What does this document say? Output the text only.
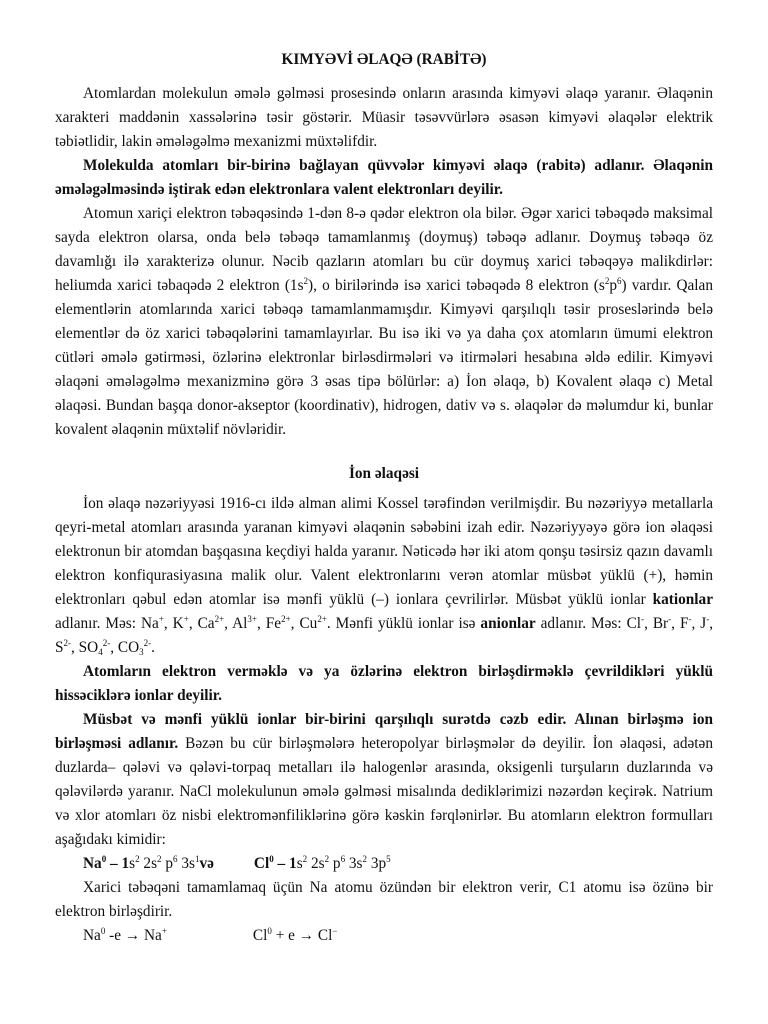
KIMYƏVİ ƏLAQƏ (RABİTƏ)

Atomlardan molekulun əmələ gəlməsi prosesində onların arasında kimyəvi əlaqə yaranır. Əlaqənin xarakteri maddənin xassələrinə təsir göstərir. Müasir təsəvvürlərə əsasən kimyəvi əlaqələr elektrik təbiətlidir, lakin əmələgəlmə mexanizmi müxtəlifdir.

Molekulda atomları bir-birinə bağlayan qüvvələr kimyəvi əlaqə (rabitə) adlanır. Əlaqənin əmələgəlməsində iştirak edən elektronlara valent elektronları deyilir.

Atomun xariçi elektron təbəqəsində 1-dən 8-ə qədər elektron ola bilər. Əgər xarici təbəqədə maksimal sayda elektron olarsa, onda belə təbəqə tamamlanmış (doymuş) təbəqə adlanır. Doymuş təbəqə öz davamlığı ilə xarakterizə olunur. Nəcib qazların atomları bu cür doymuş xarici təbəqəyə malikdirlər: heliumda xarici təbaqədə 2 elektron $(1s^2)$, o birilərində isə xarici təbəqədə 8 elektron $(s^2p^6)$ vardır. Qalan elementlərin atomlarında xarici təbəqə tamamlanmamışdır. Kimyəvi qarşılıqlı təsir proseslərində belə elementlər də öz xarici təbəqələrini tamamlayırlar. Bu isə iki və ya daha çox atomların ümumi elektron cütləri əmələ gətirməsi, özlərinə elektronlar birləsdirmələri və itirmələri hesabına əldə edilir. Kimyəvi əlaqəni əmələgəlmə mexanizminə görə 3 əsas tipə bölürlər: a) İon əlaqə, b) Kovalent əlaqə c) Metal əlaqəsi. Bundan başqa donor-akseptor (koordinativ), hidrogen, dativ və s. əlaqələr də məlumdur ki, bunlar kovalent əlaqənin müxtəlif növləridir.

İon əlaqəsi

İon əlaqə nəzəriyyəsi 1916-cı ildə alman alimi Kossel tərəfindən verilmişdir. Bu nəzəriyyə metallarla qeyri-metal atomları arasında yaranan kimyəvi əlaqənin səbəbini izah edir. Nəzəriyyəyə görə ion əlaqəsi elektronun bir atomdan başqasına keçdiyi halda yaranır. Nəticədə hər iki atom qonşu təsirsiz qazın davamlı elektron konfiqurasiyasına malik olur. Valent elektronlarını verən atomlar müsbət yüklü (+), həmin elektronları qəbul edən atomlar isə mənfi yüklü (–) ionlara çevrilirlər. Müsbət yüklü ionlar kationlar adlanır. Məs: Na+, K+, $Ca^{2+}$, $Al^{3+}$, $Fe^{2+}$, $Cu^{2+}$. Mənfi yüklü ionlar isə anionlar adlanır. Məs: Cl-, Br-, F-, J-, $S^{2-}$, $SO_4^{2-}$, $CO_3^{2-}$.

Atomların elektron verməklə və ya özlərinə elektron birləşdirməklə çevrildikləri yüklü hissəciklərə ionlar deyilir.

Müsbət və mənfi yüklü ionlar bir-birini qarşılıqlı surətdə cəzb edir. Alınan birləşmə ion birləşməsi adlanır. Bəzən bu cür birləşmələrə heteropolyar birləşmələr də deyilir. İon əlaqəsi, adətən duzlarda– qələvi və qələvi-torpaq metalları ilə halogenlər arasında, oksigenli turşuların duzlarında və qələvilərdə yaranır. NaCl molekulunun əmələ gəlməsi misalında dediklərimizi nəzərdən keçirək. Natrium və xlor atomları öz nisbi elektromənfiliklərinə görə kəskin fərqlənirlər. Bu atomların elektron formulları aşağıdakı kimidir:

$Na^0 - 1s^2$ $2s^2$ $p^6$ $3s^1və$	$Cl^0 - 1s^2$ $2s^2$ $p^6$ $3s^2$ $3p^5$

Xarici təbəqəni tamamlamaq üçün Na atomu özündən bir elektron verir, C1 atomu isə özünə bir elektron birləşdirir.

Na$^0$ -e → Na+	$Cl^0 + e \to Cl^-$
